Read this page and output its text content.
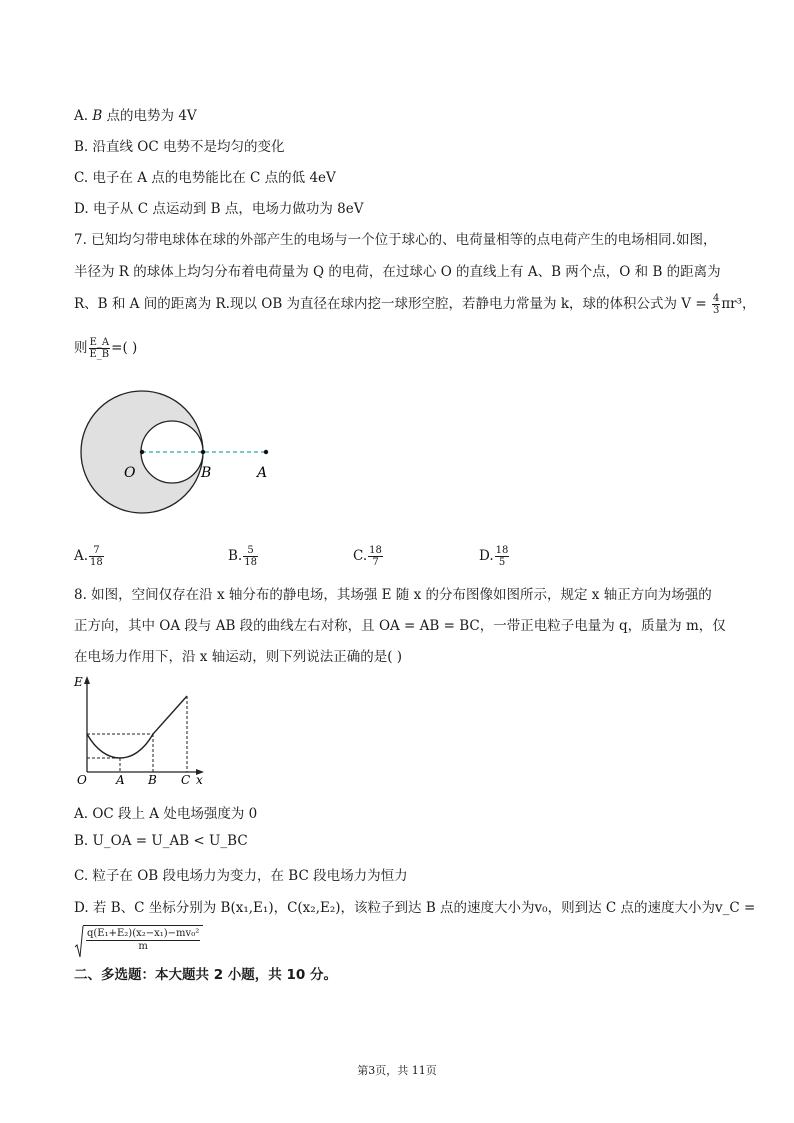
A. B 点的电势为 4V
B. 沿直线 OC 电势不是均匀的变化
C. 电子在 A 点的电势能比在 C 点的低 4eV
D. 电子从 C 点运动到 B 点，电场力做功为 8eV
7. 已知均匀带电球体在球的外部产生的电场与一个位于球心的、电荷量相等的点电荷产生的电场相同.如图，
半径为 R 的球体上均匀分布着电荷量为 Q 的电荷，在过球心 O 的直线上有 A、B 两个点，O 和 B 的距离为
R、B 和 A 间的距离为 R.现以 OB 为直径在球内挖一球形空腔，若静电力常量为 k，球的体积公式为 $V = \frac{4}{3} \pi r^3$，
则 $\frac{E\_A}{E\_B}$ =( )
O	B	A
A. $\frac{7}{18}$	B. $\frac{5}{18}$	C. $\frac{18}{7}$	D. $\frac{18}{5}$
8. 如图，空间仅存在沿 x 轴分布的静电场，其场强 E 随 x 的分布图像如图所示，规定 x 轴正方向为场强的
正方向，其中 OA 段与 AB 段的曲线左右对称，且 OA = AB = BC，一带正电粒子电量为 q，质量为 m，仅
在电场力作用下，沿 x 轴运动，则下列说法正确的是( )
E
O A B C x
A. OC 段上 A 处电场强度为 0
B. U_OA = U_AB < U_BC
C. 粒子在 OB 段电场力为变力，在 BC 段电场力为恒力
D. 若 B、C 坐标分别为 B(x₁,E₁)，C(x₂,E₂)，该粒子到达 B 点的速度大小为v₀，则到达 C 点的速度大小为v_C =
$\frac{\text{q(E₁+E₂)(x₂−x₁)−mv₀²}}{m}$
二、多选题：本大题共 2 小题，共 10 分。
第3页，共 11页
